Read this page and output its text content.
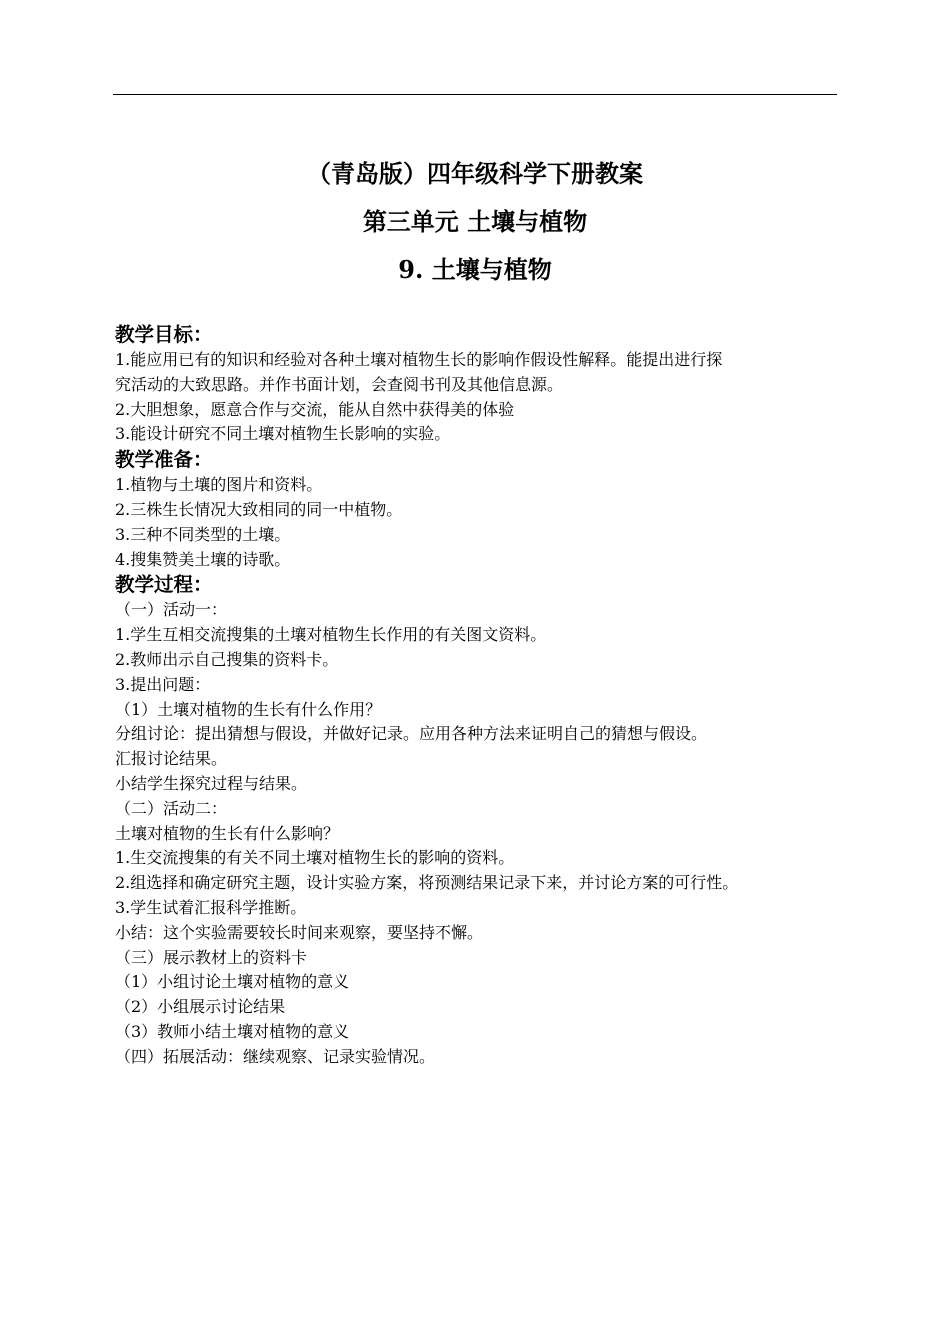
（青岛版）四年级科学下册教案

第三单元 土壤与植物

9. 土壤与植物

教学目标：

1.能应用已有的知识和经验对各种土壤对植物生长的影响作假设性解释。能提出进行探

究活动的大致思路。并作书面计划，会查阅书刊及其他信息源。

2.大胆想象，愿意合作与交流，能从自然中获得美的体验

3.能设计研究不同土壤对植物生长影响的实验。

教学准备：

1.植物与土壤的图片和资料。

2.三株生长情况大致相同的同一中植物。

3.三种不同类型的土壤。

4.搜集赞美土壤的诗歌。

教学过程：

（一）活动一：

1.学生互相交流搜集的土壤对植物生长作用的有关图文资料。

2.教师出示自己搜集的资料卡。

3.提出问题：

（1）土壤对植物的生长有什么作用？

分组讨论：提出猜想与假设，并做好记录。应用各种方法来证明自己的猜想与假设。

汇报讨论结果。

小结学生探究过程与结果。

（二）活动二：

土壤对植物的生长有什么影响？

1.生交流搜集的有关不同土壤对植物生长的影响的资料。

2.组选择和确定研究主题，设计实验方案，将预测结果记录下来，并讨论方案的可行性。

3.学生试着汇报科学推断。

小结：这个实验需要较长时间来观察，要坚持不懈。

（三）展示教材上的资料卡

（1）小组讨论土壤对植物的意义

（2）小组展示讨论结果

（3）教师小结土壤对植物的意义

（四）拓展活动：继续观察、记录实验情况。
